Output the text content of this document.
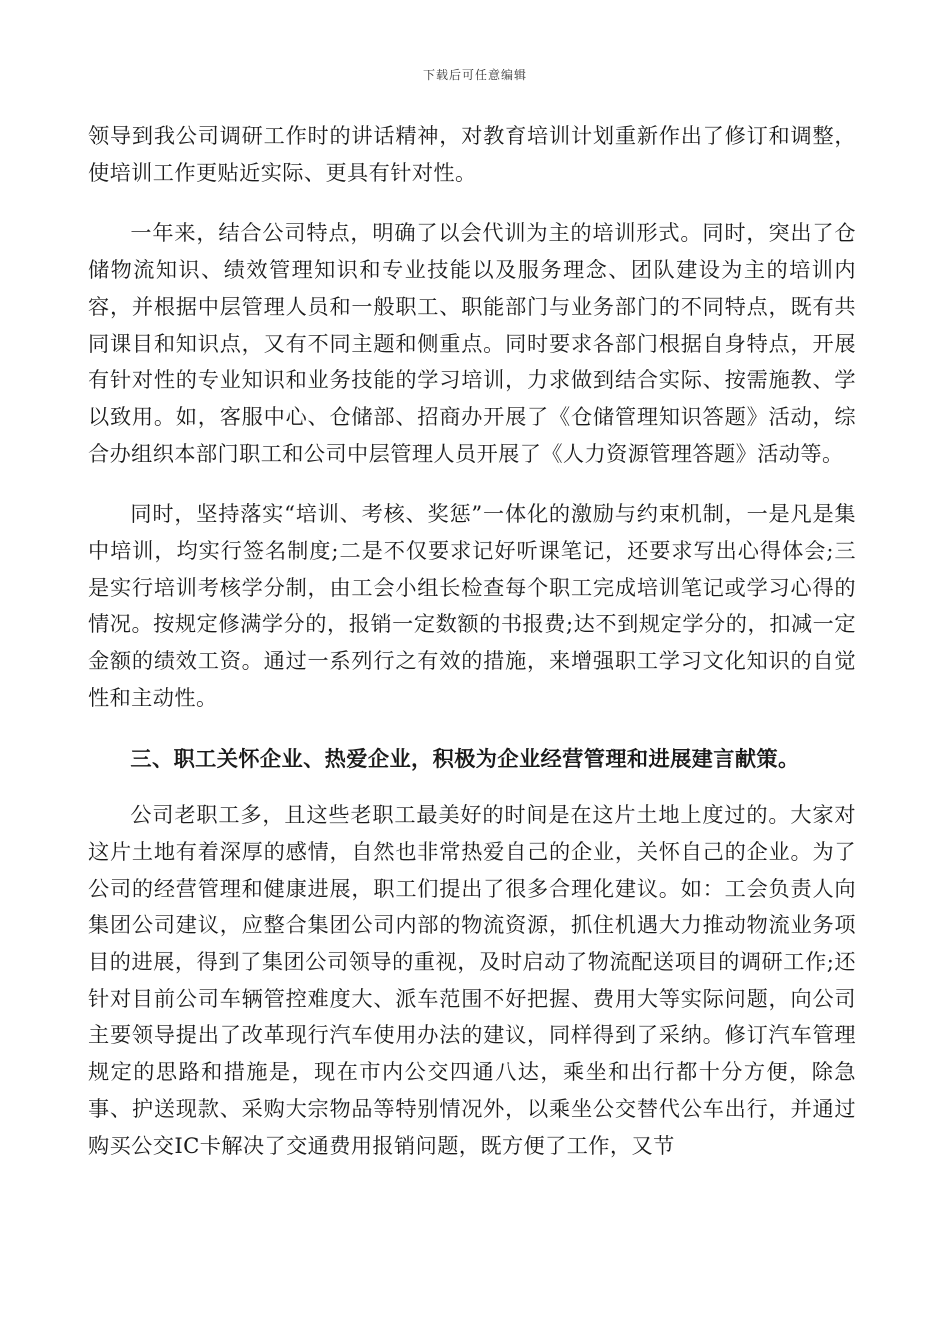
下载后可任意编辑

领导到我公司调研工作时的讲话精神，对教育培训计划重新作出了修订和调整，使培训工作更贴近实际、更具有针对性。

一年来，结合公司特点，明确了以会代训为主的培训形式。同时，突出了仓储物流知识、绩效管理知识和专业技能以及服务理念、团队建设为主的培训内容，并根据中层管理人员和一般职工、职能部门与业务部门的不同特点，既有共同课目和知识点，又有不同主题和侧重点。同时要求各部门根据自身特点，开展有针对性的专业知识和业务技能的学习培训，力求做到结合实际、按需施教、学以致用。如，客服中心、仓储部、招商办开展了《仓储管理知识答题》活动，综合办组织本部门职工和公司中层管理人员开展了《人力资源管理答题》活动等。

同时，坚持落实“培训、考核、奖惩”一体化的激励与约束机制，一是凡是集中培训，均实行签名制度;二是不仅要求记好听课笔记，还要求写出心得体会;三是实行培训考核学分制，由工会小组长检查每个职工完成培训笔记或学习心得的情况。按规定修满学分的，报销一定数额的书报费;达不到规定学分的，扣减一定金额的绩效工资。通过一系列行之有效的措施，来增强职工学习文化知识的自觉性和主动性。

三、职工关怀企业、热爱企业，积极为企业经营管理和进展建言献策。

公司老职工多，且这些老职工最美好的时间是在这片土地上度过的。大家对这片土地有着深厚的感情，自然也非常热爱自己的企业，关怀自己的企业。为了公司的经营管理和健康进展，职工们提出了很多合理化建议。如：工会负责人向集团公司建议，应整合集团公司内部的物流资源，抓住机遇大力推动物流业务项目的进展，得到了集团公司领导的重视，及时启动了物流配送项目的调研工作;还针对目前公司车辆管控难度大、派车范围不好把握、费用大等实际问题，向公司主要领导提出了改革现行汽车使用办法的建议，同样得到了采纳。修订汽车管理规定的思路和措施是，现在市内公交四通八达，乘坐和出行都十分方便，除急事、护送现款、采购大宗物品等特别情况外，以乘坐公交替代公车出行，并通过购买公交IC卡解决了交通费用报销问题，既方便了工作，又节
